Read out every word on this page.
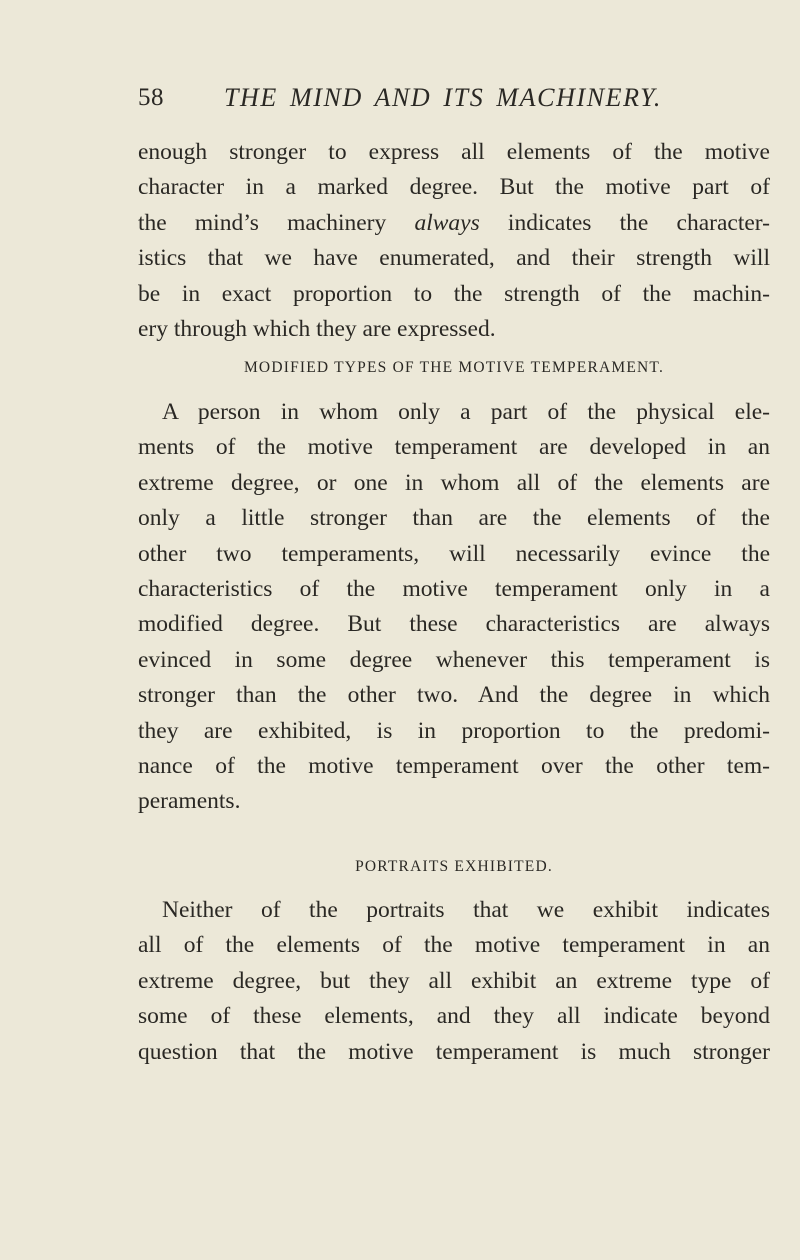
58 THE MIND AND ITS MACHINERY.
enough stronger to express all elements of the motive
character in a marked degree. But the motive part of
the mind’s machinery always indicates the character-
istics that we have enumerated, and their strength will
be in exact proportion to the strength of the machin-
ery through which they are expressed.
MODIFIED TYPES OF THE MOTIVE TEMPERAMENT.
A person in whom only a part of the physical ele-
ments of the motive temperament are developed in an
extreme degree, or one in whom all of the elements are
only a little stronger than are the elements of the
other two temperaments, will necessarily evince the
characteristics of the motive temperament only in a
modified degree. But these characteristics are always
evinced in some degree whenever this temperament is
stronger than the other two. And the degree in which
they are exhibited, is in proportion to the predomi-
nance of the motive temperament over the other tem-
peraments.
PORTRAITS EXHIBITED.
Neither of the portraits that we exhibit indicates
all of the elements of the motive temperament in an
extreme degree, but they all exhibit an extreme type of
some of these elements, and they all indicate beyond
question that the motive temperament is much stronger
